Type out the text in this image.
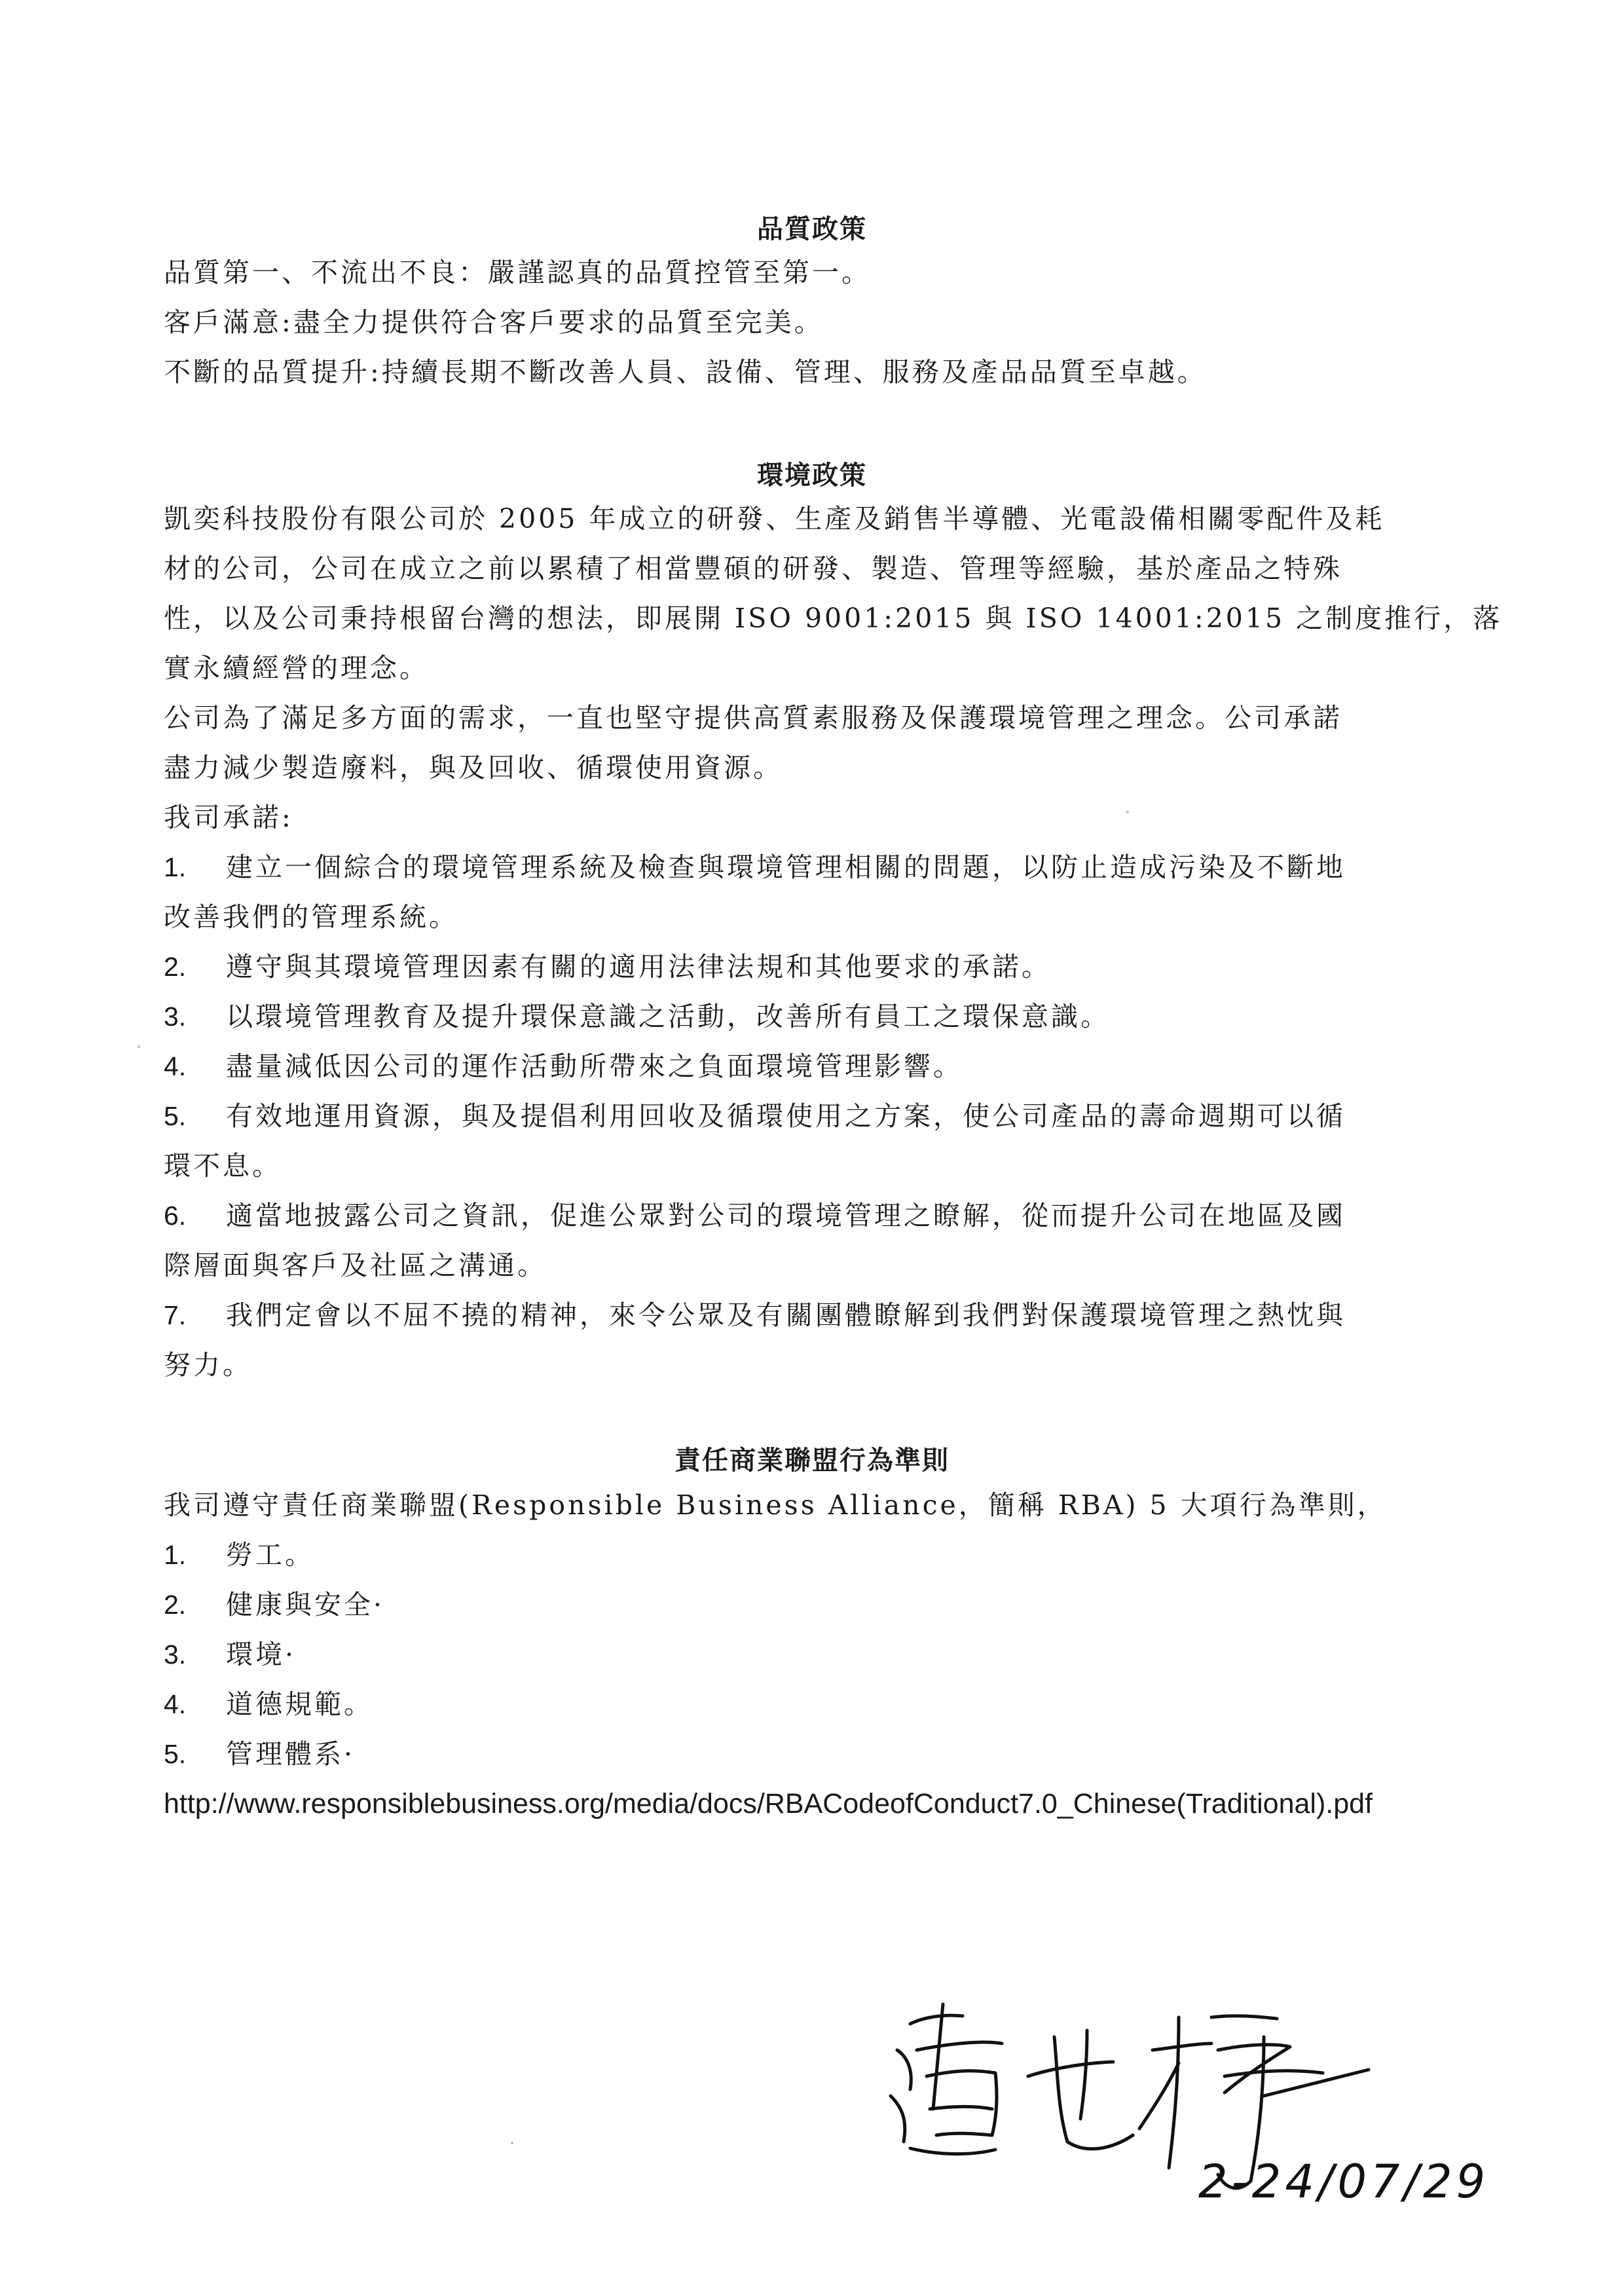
品質政策
品質第一、不流出不良：嚴謹認真的品質控管至第一。
客戶滿意:盡全力提供符合客戶要求的品質至完美。
不斷的品質提升:持續長期不斷改善人員、設備、管理、服務及產品品質至卓越。
環境政策
凱奕科技股份有限公司於 2005 年成立的研發、生產及銷售半導體、光電設備相關零配件及耗
材的公司，公司在成立之前以累積了相當豐碩的研發、製造、管理等經驗，基於產品之特殊
性，以及公司秉持根留台灣的想法，即展開 ISO 9001:2015 與 ISO 14001:2015 之制度推行，落
實永續經營的理念。
公司為了滿足多方面的需求，一直也堅守提供高質素服務及保護環境管理之理念。公司承諾
盡力減少製造廢料，與及回收、循環使用資源。
我司承諾:
1. 建立一個綜合的環境管理系統及檢查與環境管理相關的問題，以防止造成污染及不斷地
改善我們的管理系統。
2. 遵守與其環境管理因素有關的適用法律法規和其他要求的承諾。
3. 以環境管理教育及提升環保意識之活動，改善所有員工之環保意識。
4. 盡量減低因公司的運作活動所帶來之負面環境管理影響。
5. 有效地運用資源，與及提倡利用回收及循環使用之方案，使公司產品的壽命週期可以循
環不息。
6. 適當地披露公司之資訊，促進公眾對公司的環境管理之瞭解，從而提升公司在地區及國
際層面與客戶及社區之溝通。
7. 我們定會以不屈不撓的精神，來令公眾及有關團體瞭解到我們對保護環境管理之熱忱與
努力。
責任商業聯盟行為準則
我司遵守責任商業聯盟(Responsible Business Alliance，簡稱 RBA) 5 大項行為準則，
1. 勞工。
2. 健康與安全·
3. 環境·
4. 道德規範。
5. 管理體系·
http://www.responsiblebusiness.org/media/docs/RBACodeofConduct7.0_Chinese(Traditional).pdf
2-24/07/29
